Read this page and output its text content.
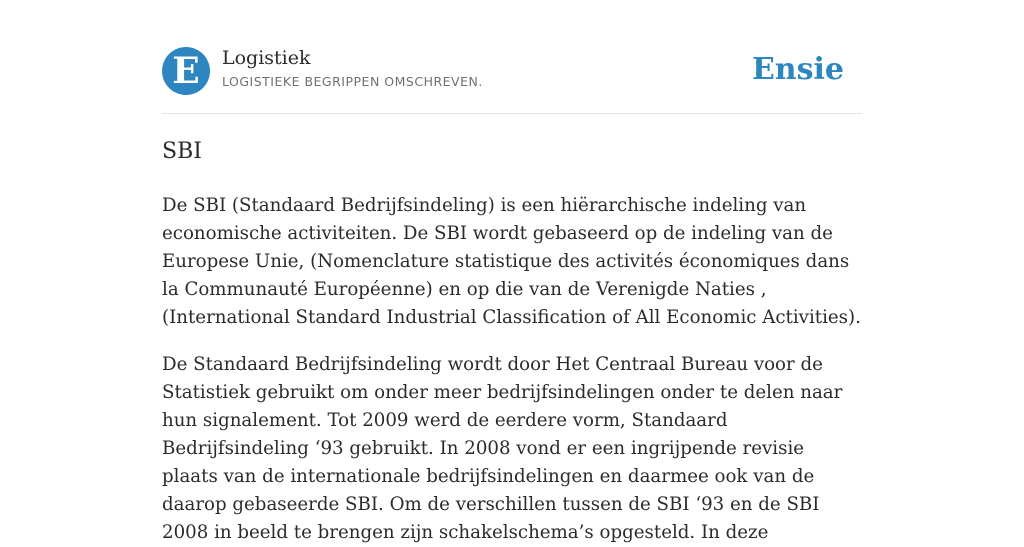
E	Logistiek
LOGISTIEKE BEGRIPPEN OMSCHREVEN.	Ensie
SBI

De SBI (Standaard Bedrijfsindeling) is een hiërarchische indeling van economische activiteiten. De SBI wordt gebaseerd op de indeling van de Europese Unie, (Nomenclature statistique des activités économiques dans la Communauté Européenne) en op die van de Verenigde Naties , (International Standard Industrial Classification of All Economic Activities).

De Standaard Bedrijfsindeling wordt door Het Centraal Bureau voor de Statistiek gebruikt om onder meer bedrijfsindelingen onder te delen naar hun signalement. Tot 2009 werd de eerdere vorm, Standaard Bedrijfsindeling ‘93 gebruikt. In 2008 vond er een ingrijpende revisie plaats van de internationale bedrijfsindelingen en daarmee ook van de daarop gebaseerde SBI. Om de verschillen tussen de SBI ‘93 en de SBI 2008 in beeld te brengen zijn schakelschema’s opgesteld. In deze
